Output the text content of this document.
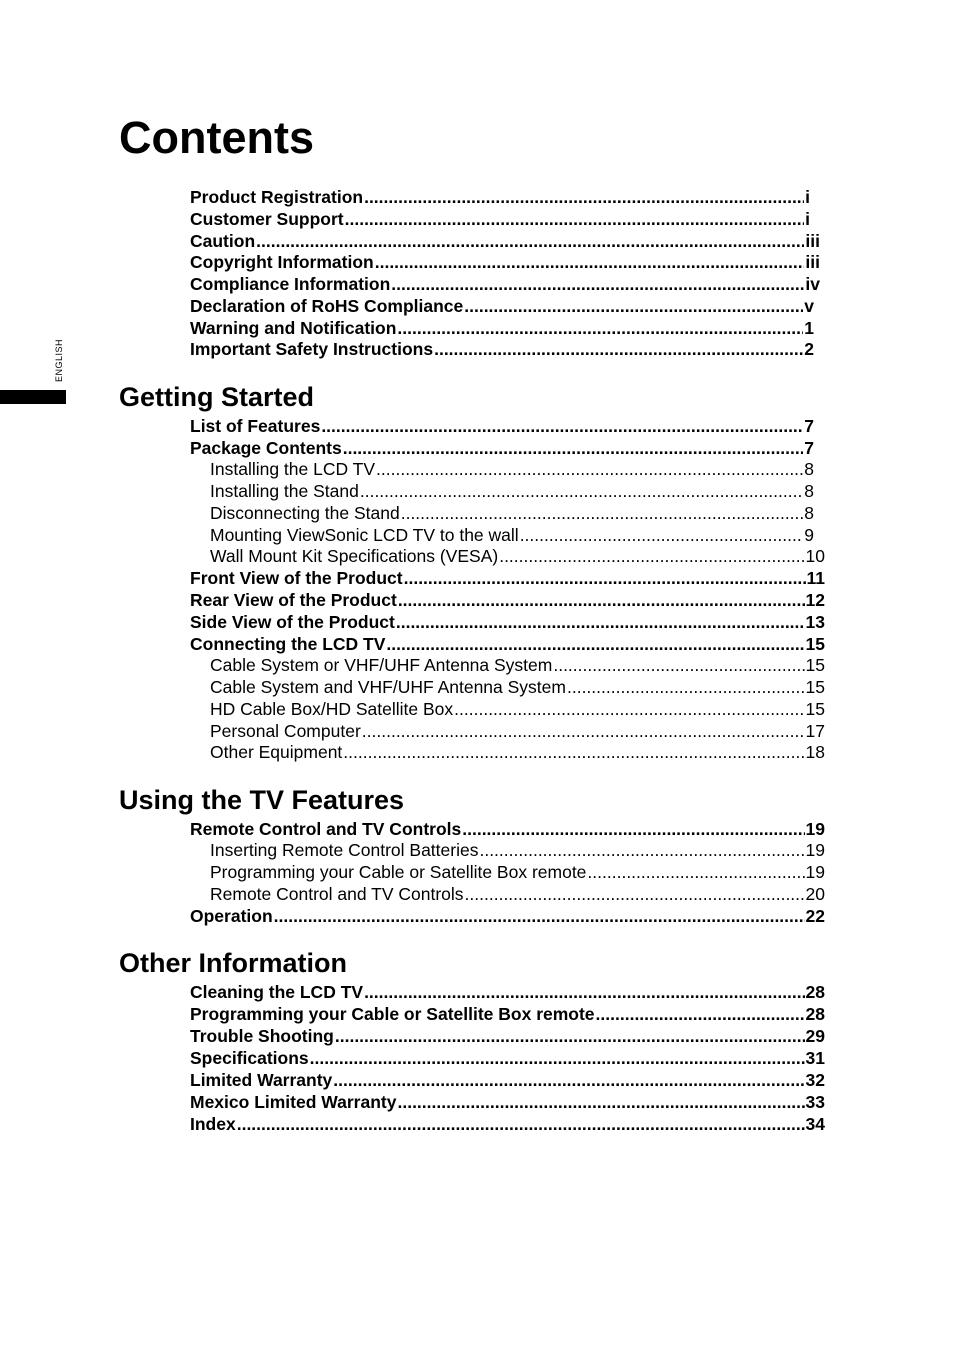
ENGLISH
Contents
Product Registration .....	i
Customer Support .....	i
Caution .....	iii
Copyright Information .....	iii
Compliance Information .....	iv
Declaration of RoHS Compliance .....	v
Warning and Notification .....	1
Important Safety Instructions .....	2
Getting Started
List of Features .....	7
Package Contents .....	7
Installing the LCD TV .....	8
Installing the Stand .....	8
Disconnecting the Stand .....	8
Mounting ViewSonic LCD TV to the wall .....	9
Wall Mount Kit Specifications (VESA) .....	10
Front View of the Product .....	11
Rear View of the Product .....	12
Side View of the Product .....	13
Connecting the LCD TV .....	15
Cable System or VHF/UHF Antenna System .....	15
Cable System and VHF/UHF Antenna System .....	15
HD Cable Box/HD Satellite Box .....	15
Personal Computer .....	17
Other Equipment .....	18
Using the TV Features
Remote Control and TV Controls .....	19
Inserting Remote Control Batteries .....	19
Programming your Cable or Satellite Box remote .....	19
Remote Control and TV Controls .....	20
Operation .....	22
Other Information
Cleaning the LCD TV .....	28
Programming your Cable or Satellite Box remote .....	28
Trouble Shooting .....	29
Specifications .....	31
Limited Warranty .....	32
Mexico Limited Warranty .....	33
Index .....	34
